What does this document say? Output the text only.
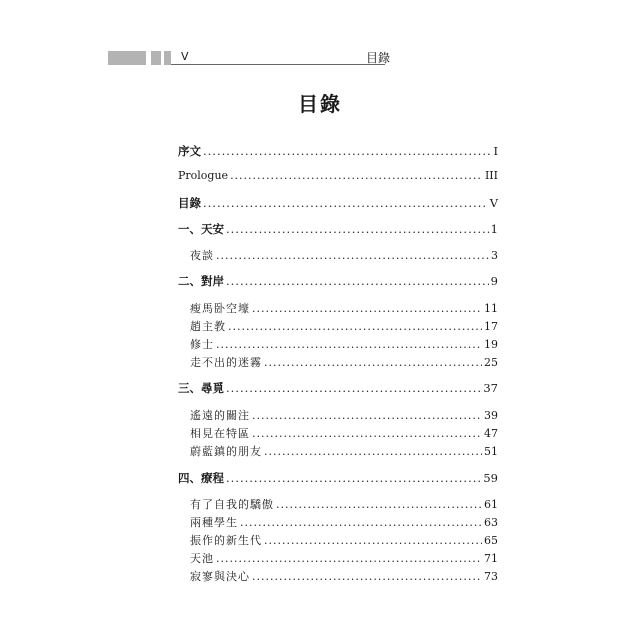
V	目錄
目錄
序文 .....	I
Prologue .....	III
目錄 .....	V
一、天安 .....	1
夜談 .....	3
二、對岸 .....	9
瘦馬卧空壕 .....	11
趙主教 .....	17
修士 .....	19
走不出的迷霧 .....	25
三、尋覓 .....	37
遙遠的關注 .....	39
相見在特區 .....	47
蔚藍鎮的朋友 .....	51
四、療程 .....	59
有了自我的驕傲 .....	61
兩種學生 .....	63
振作的新生代 .....	65
天池 .....	71
寂寥與決心 .....	73
